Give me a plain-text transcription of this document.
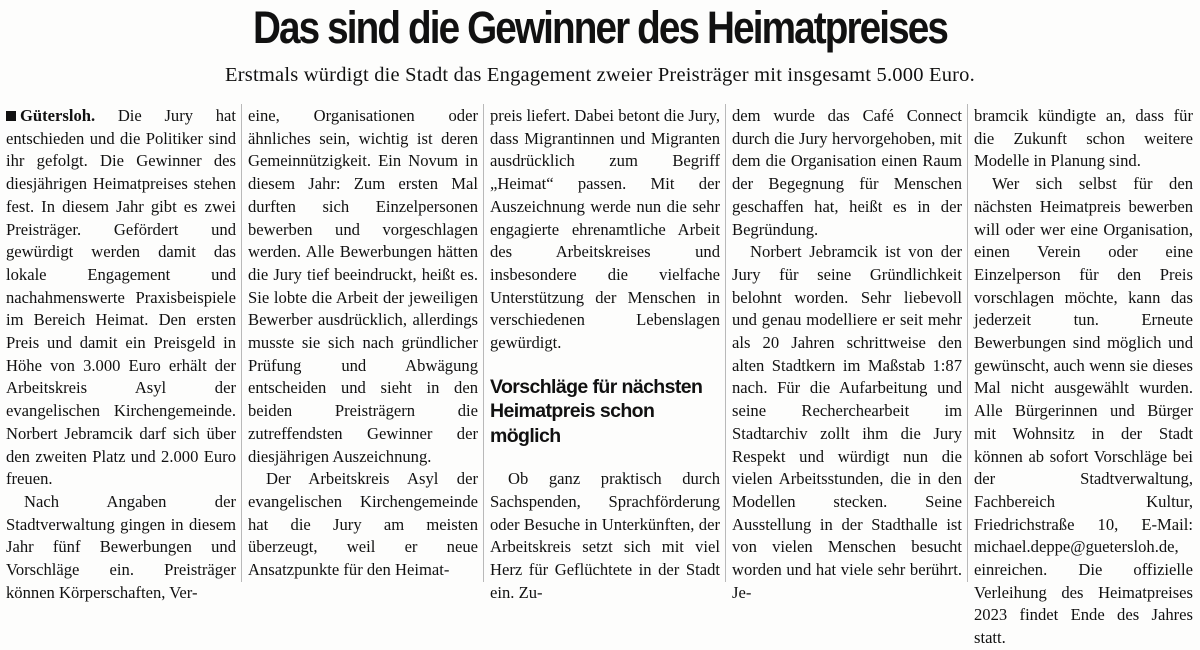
Das sind die Gewinner des Heimatpreises

Erstmals würdigt die Stadt das Engagement zweier Preisträger mit insgesamt 5.000 Euro.

Gütersloh. Die Jury hat entschieden und die Politiker sind ihr gefolgt. Die Gewinner des diesjährigen Heimatpreises stehen fest. In diesem Jahr gibt es zwei Preisträger. Gefördert und gewürdigt werden damit das lokale Engagement und nachahmenswerte Praxisbeispiele im Bereich Heimat. Den ersten Preis und damit ein Preisgeld in Höhe von 3.000 Euro erhält der Arbeitskreis Asyl der evangelischen Kirchengemeinde. Norbert Jebramcik darf sich über den zweiten Platz und 2.000 Euro freuen.

Nach Angaben der Stadtverwaltung gingen in diesem Jahr fünf Bewerbungen und Vorschläge ein. Preisträger können Körperschaften, Ver-

eine, Organisationen oder ähnliches sein, wichtig ist deren Gemeinnützigkeit. Ein Novum in diesem Jahr: Zum ersten Mal durften sich Einzelpersonen bewerben und vorgeschlagen werden. Alle Bewerbungen hätten die Jury tief beeindruckt, heißt es. Sie lobte die Arbeit der jeweiligen Bewerber ausdrücklich, allerdings musste sie sich nach gründlicher Prüfung und Abwägung entscheiden und sieht in den beiden Preisträgern die zutreffendsten Gewinner der diesjährigen Auszeichnung.

Der Arbeitskreis Asyl der evangelischen Kirchengemeinde hat die Jury am meisten überzeugt, weil er neue Ansatzpunkte für den Heimat-

preis liefert. Dabei betont die Jury, dass Migrantinnen und Migranten ausdrücklich zum Begriff „Heimat“ passen. Mit der Auszeichnung werde nun die sehr engagierte ehrenamtliche Arbeit des Arbeitskreises und insbesondere die vielfache Unterstützung der Menschen in verschiedenen Lebenslagen gewürdigt.

Vorschläge für nächsten Heimatpreis schon möglich

Ob ganz praktisch durch Sachspenden, Sprachförderung oder Besuche in Unterkünften, der Arbeitskreis setzt sich mit viel Herz für Geflüchtete in der Stadt ein. Zu-

dem wurde das Café Connect durch die Jury hervorgehoben, mit dem die Organisation einen Raum der Begegnung für Menschen geschaffen hat, heißt es in der Begründung.

Norbert Jebramcik ist von der Jury für seine Gründlichkeit belohnt worden. Sehr liebevoll und genau modelliere er seit mehr als 20 Jahren schrittweise den alten Stadtkern im Maßstab 1:87 nach. Für die Aufarbeitung und seine Recherchearbeit im Stadtarchiv zollt ihm die Jury Respekt und würdigt nun die vielen Arbeitsstunden, die in den Modellen stecken. Seine Ausstellung in der Stadthalle ist von vielen Menschen besucht worden und hat viele sehr berührt. Je-

bramcik kündigte an, dass für die Zukunft schon weitere Modelle in Planung sind.

Wer sich selbst für den nächsten Heimatpreis bewerben will oder wer eine Organisation, einen Verein oder eine Einzelperson für den Preis vorschlagen möchte, kann das jederzeit tun. Erneute Bewerbungen sind möglich und gewünscht, auch wenn sie dieses Mal nicht ausgewählt wurden. Alle Bürgerinnen und Bürger mit Wohnsitz in der Stadt können ab sofort Vorschläge bei der Stadtverwaltung, Fachbereich Kultur, Friedrichstraße 10, E-Mail: michael.deppe@guetersloh.de, einreichen. Die offizielle Verleihung des Heimatpreises 2023 findet Ende des Jahres statt.
